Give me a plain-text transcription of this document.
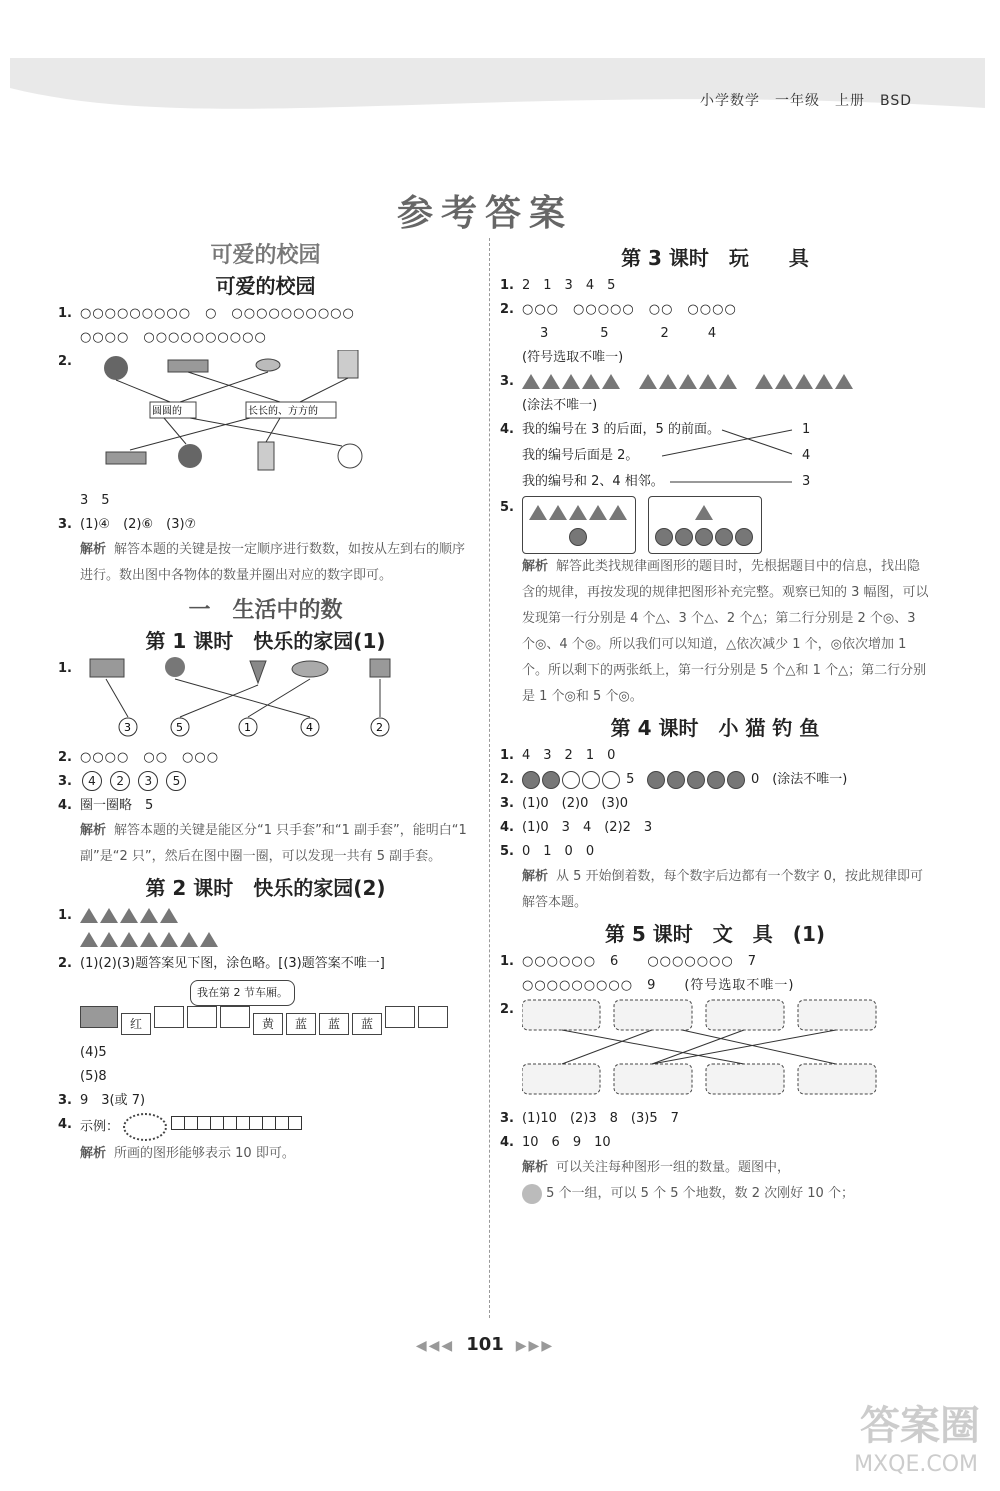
小学数学　一年级　上册　BSD
参考答案
可爱的校园
可爱的校园
1. ○○○○○○○○○　○　○○○○○○○○○○
○○○○　○○○○○○○○○○
2.
圆圆的	长长的、方方的
3　5
3. (1)④　(2)⑥　(3)⑦
解析 解答本题的关键是按一定顺序进行数数，如按从左到右的顺序进行。数出图中各物体的数量并圈出对应的数字即可。
一　生活中的数
第 1 课时　快乐的家园(1)
1.
3	5	1	4	2
2. ○○○○　○○　○○○
3. 4 2 3 5
4. 圈一圈略　5
解析 解答本题的关键是能区分“1 只手套”和“1 副手套”，能明白“1 副”是“2 只”，然后在图中圈一圈，可以发现一共有 5 副手套。
第 2 课时　快乐的家园(2)
1.
2. (1)(2)(3)题答案见下图，涂色略。[(3)题答案不唯一]
我在第 2 节车厢。
红	黄 蓝 蓝 蓝
(4)5
(5)8
3. 9　3(或 7)
4. 示例：
解析 所画的图形能够表示 10 即可。
第 3 课时　玩　　具
1. 2　1　3　4　5
2. ○○○　○○○○○　○○　○○○○
3　　　　5　　　　2　　　4
(符号选取不唯一)
3.

(涂法不唯一)
4. 我的编号在 3 的后面，5 的前面。
我的编号后面是 2。
我的编号和 2、4 相邻。
1
4
3
5.

解析 解答此类找规律画图形的题目时，先根据题目中的信息，找出隐含的规律，再按发现的规律把图形补充完整。观察已知的 3 幅图，可以发现第一行分别是 4 个△、3 个△、2 个△；第二行分别是 2 个◎、3 个◎、4 个◎。所以我们可以知道，△依次减少 1 个，◎依次增加 1 个。所以剩下的两张纸上，第一行分别是 5 个△和 1 个△；第二行分别是 1 个◎和 5 个◎。
第 4 课时　小 猫 钓 鱼
1. 4　3　2　1　0
2.	5	0　(涂法不唯一)
3. (1)0　(2)0　(3)0
4. (1)0　3　4　(2)2　3
5. 0　1　0　0
解析 从 5 开始倒着数，每个数字后边都有一个数字 0，按此规律即可解答本题。
第 5 课时　文　具　(1)
1. ○○○○○○　6　　○○○○○○○　7
○○○○○○○○○　9　　(符号选取不唯一)
2.
3. (1)10　(2)3　8　(3)5　7
4. 10　6　9　10
解析 可以关注每种图形一组的数量。题图中，
5 个一组，可以 5 个 5 个地数，数 2 次刚好 10 个；
◀◀◀ 101 ▶▶▶
答案圈
MXQE.COM
